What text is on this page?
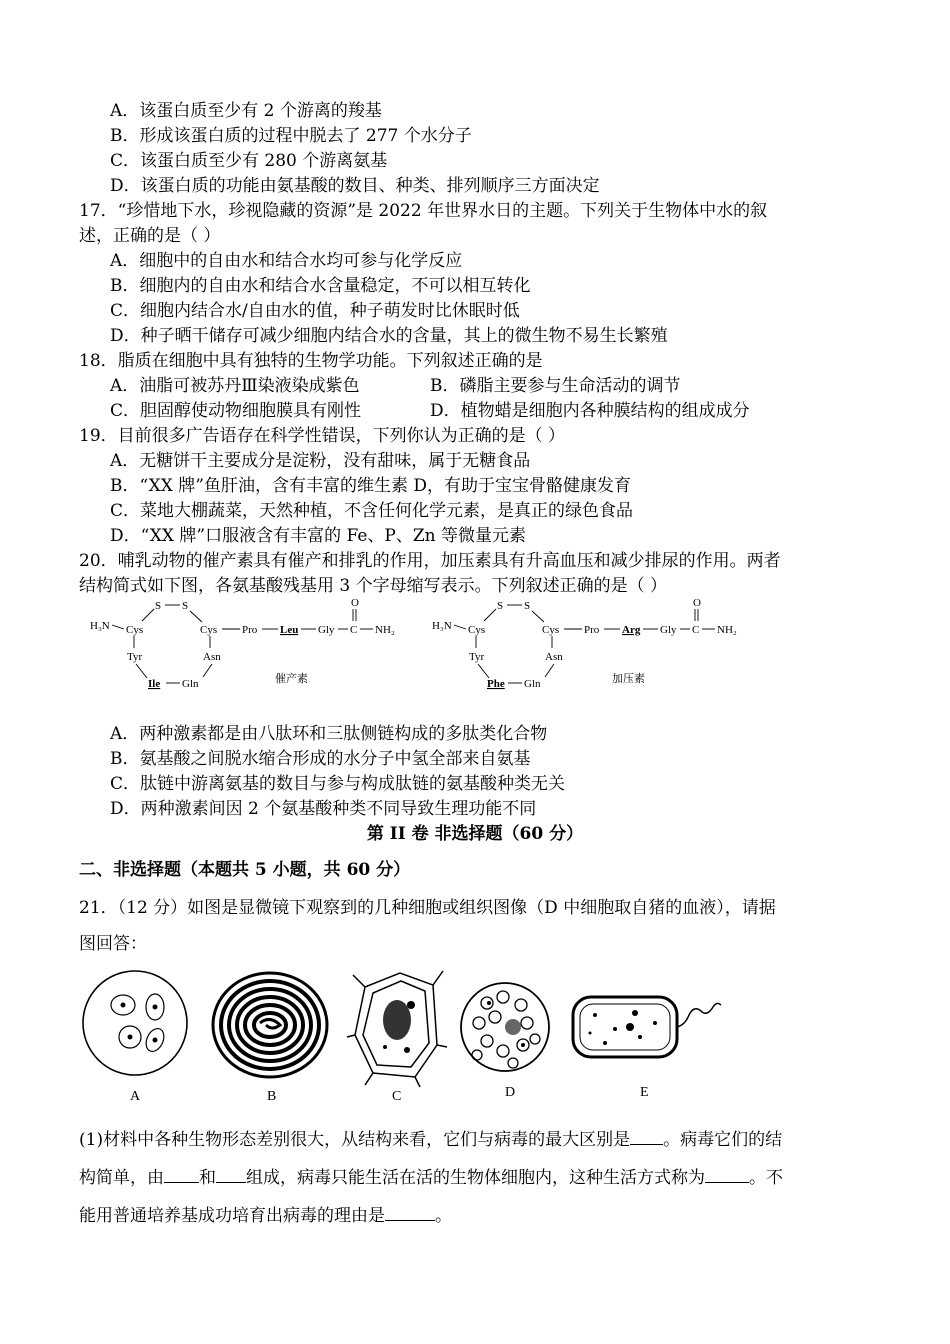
A．该蛋白质至少有 2 个游离的羧基
B．形成该蛋白质的过程中脱去了 277 个水分子
C．该蛋白质至少有 280 个游离氨基
D．该蛋白质的功能由氨基酸的数目、种类、排列顺序三方面决定
17．“珍惜地下水，珍视隐藏的资源”是 2022 年世界水日的主题。下列关于生物体中水的叙
述，正确的是（ ）
A．细胞中的自由水和结合水均可参与化学反应
B．细胞内的自由水和结合水含量稳定，不可以相互转化
C．细胞内结合水/自由水的值，种子萌发时比休眠时低
D．种子晒干储存可减少细胞内结合水的含量，其上的微生物不易生长繁殖
18．脂质在细胞中具有独特的生物学功能。下列叙述正确的是
A．油脂可被苏丹Ⅲ染液染成紫色	B．磷脂主要参与生命活动的调节
C．胆固醇使动物细胞膜具有刚性	D．植物蜡是细胞内各种膜结构的组成成分
19．目前很多广告语存在科学性错误，下列你认为正确的是（ ）
A．无糖饼干主要成分是淀粉，没有甜味，属于无糖食品
B．“XX 牌”鱼肝油，含有丰富的维生素 D，有助于宝宝骨骼健康发育
C．菜地大棚蔬菜，天然种植，不含任何化学元素，是真正的绿色食品
D．“XX 牌”口服液含有丰富的 Fe、P、Zn 等微量元素
20．哺乳动物的催产素具有催产和排乳的作用，加压素具有升高血压和减少排尿的作用。两者
结构简式如下图，各氨基酸残基用 3 个字母缩写表示。下列叙述正确的是（ ）
H₃N Cys
S S
Cys Pro Leu Gly C
O
NH₂
Tyr	Asn
Ile Gln	催产素
H₃N Cys
S S
Cys Pro Arg Gly C
O
NH₂
Tyr	Asn
Phe Gln	加压素
A．两种激素都是由八肽环和三肽侧链构成的多肽类化合物
B．氨基酸之间脱水缩合形成的水分子中氢全部来自氨基
C．肽链中游离氨基的数目与参与构成肽链的氨基酸种类无关
D．两种激素间因 2 个氨基酸种类不同导致生理功能不同
第 II 卷 非选择题（60 分）
二、非选择题（本题共 5 小题，共 60 分）
21．（12 分）如图是显微镜下观察到的几种细胞或组织图像（D 中细胞取自猪的血液），请据
图回答：
A	B	C	D	E
(1)材料中各种生物形态差别很大，从结构来看，它们与病毒的最大区别是 。病毒它们的结
构简单，由 和 组成，病毒只能生活在活的生物体细胞内，这种生活方式称为	。不
能用普通培养基成功培育出病毒的理由是	。
